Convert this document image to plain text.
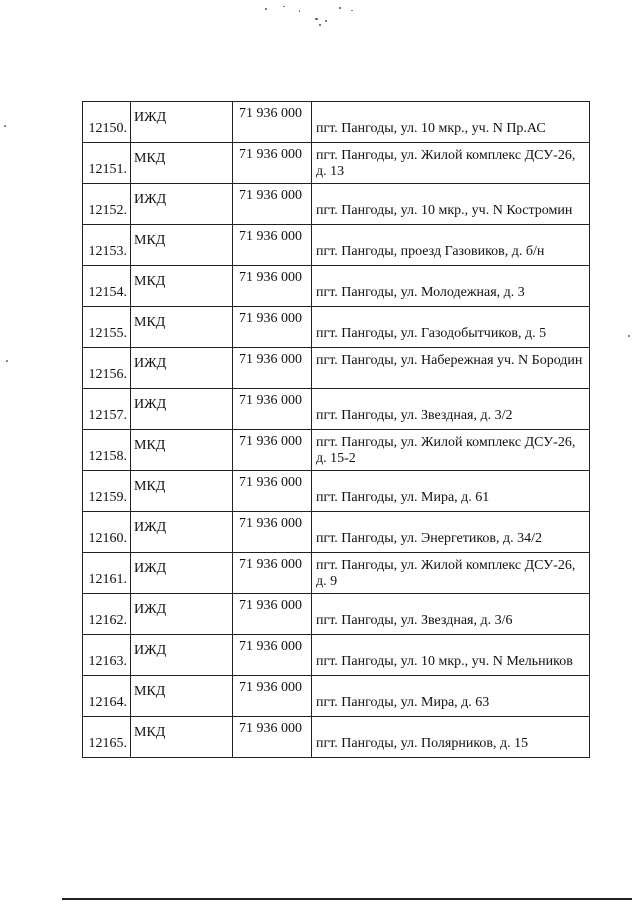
12150.	ИЖД	71 936 000	пгт. Пангоды, ул. 10 мкр., уч. N Пр.АС

12151.	МКД	71 936 000	пгт. Пангоды, ул. Жилой комплекс ДСУ-26, д. 13

12152.	ИЖД	71 936 000	пгт. Пангоды, ул. 10 мкр., уч. N Костромин

12153.	МКД	71 936 000	пгт. Пангоды, проезд Газовиков, д. б/н

12154.	МКД	71 936 000	пгт. Пангоды, ул. Молодежная, д. 3

12155.	МКД	71 936 000	пгт. Пангоды, ул. Газодобытчиков, д. 5

12156.	ИЖД	71 936 000	пгт. Пангоды, ул. Набережная уч. N Бородин

12157.	ИЖД	71 936 000	пгт. Пангоды, ул. Звездная, д. 3/2

12158.	МКД	71 936 000	пгт. Пангоды, ул. Жилой комплекс ДСУ-26, д. 15-2

12159.	МКД	71 936 000	пгт. Пангоды, ул. Мира, д. 61

12160.	ИЖД	71 936 000	пгт. Пангоды, ул. Энергетиков, д. 34/2

12161.	ИЖД	71 936 000	пгт. Пангоды, ул. Жилой комплекс ДСУ-26, д. 9

12162.	ИЖД	71 936 000	пгт. Пангоды, ул. Звездная, д. 3/6

12163.	ИЖД	71 936 000	пгт. Пангоды, ул. 10 мкр., уч. N Мельников

12164.	МКД	71 936 000	пгт. Пангоды, ул. Мира, д. 63

12165.	МКД	71 936 000	пгт. Пангоды, ул. Полярников, д. 15
